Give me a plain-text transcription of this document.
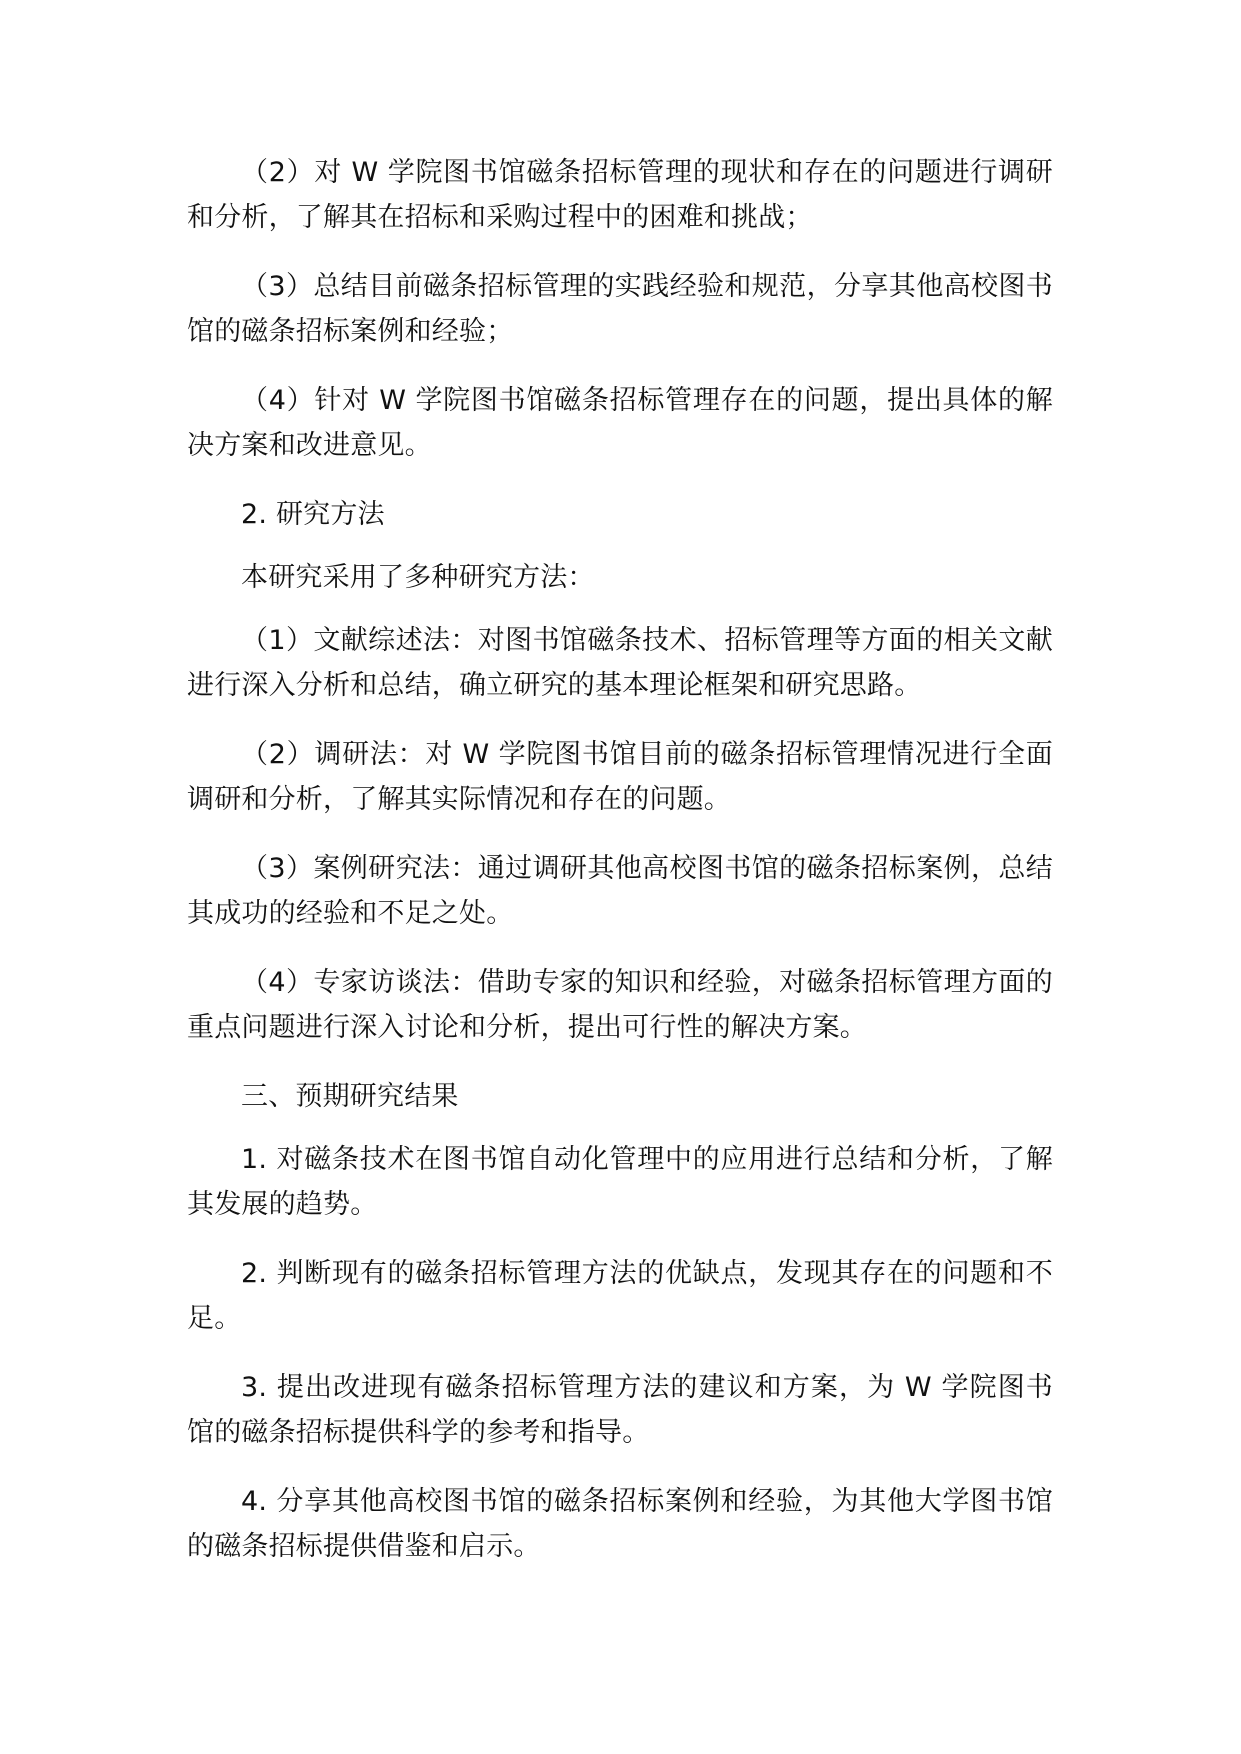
（2）对 W 学院图书馆磁条招标管理的现状和存在的问题进行调研和分析，了解其在招标和采购过程中的困难和挑战；

（3）总结目前磁条招标管理的实践经验和规范，分享其他高校图书馆的磁条招标案例和经验；

（4）针对 W 学院图书馆磁条招标管理存在的问题，提出具体的解决方案和改进意见。

2. 研究方法

本研究采用了多种研究方法：

（1）文献综述法：对图书馆磁条技术、招标管理等方面的相关文献进行深入分析和总结，确立研究的基本理论框架和研究思路。

（2）调研法：对 W 学院图书馆目前的磁条招标管理情况进行全面调研和分析，了解其实际情况和存在的问题。

（3）案例研究法：通过调研其他高校图书馆的磁条招标案例，总结其成功的经验和不足之处。

（4）专家访谈法：借助专家的知识和经验，对磁条招标管理方面的重点问题进行深入讨论和分析，提出可行性的解决方案。

三、预期研究结果

1. 对磁条技术在图书馆自动化管理中的应用进行总结和分析，了解其发展的趋势。

2. 判断现有的磁条招标管理方法的优缺点，发现其存在的问题和不足。

3. 提出改进现有磁条招标管理方法的建议和方案，为 W 学院图书馆的磁条招标提供科学的参考和指导。

4. 分享其他高校图书馆的磁条招标案例和经验，为其他大学图书馆的磁条招标提供借鉴和启示。
